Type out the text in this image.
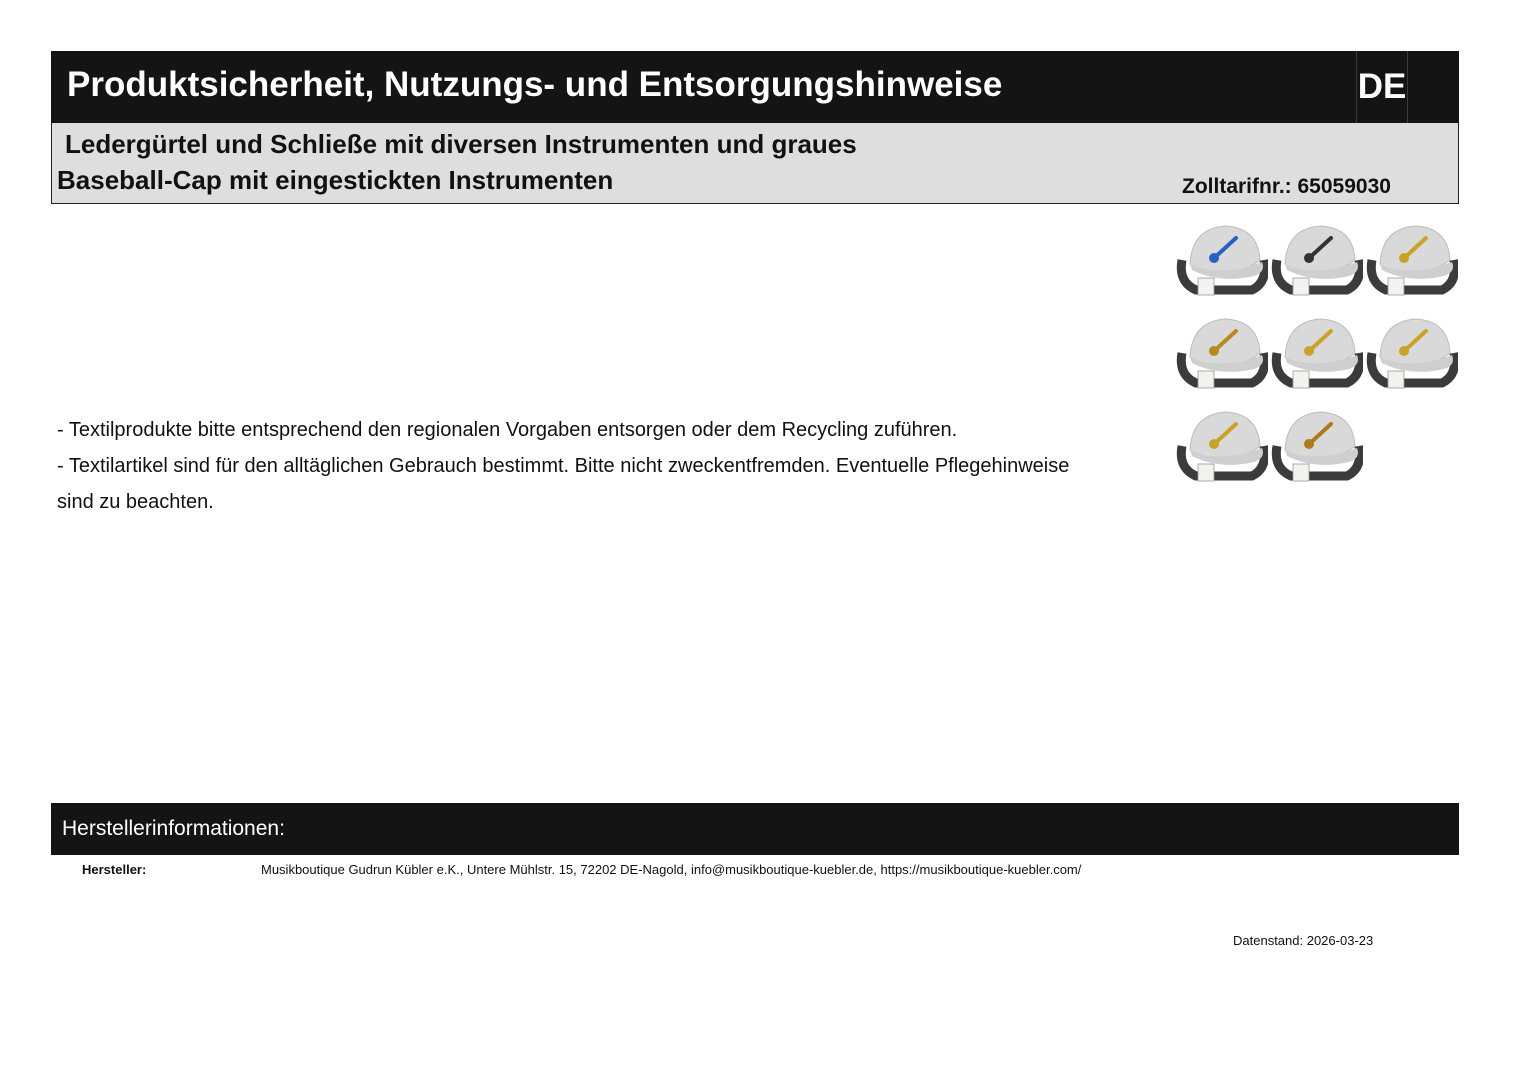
Produktsicherheit, Nutzungs- und Entsorgungshinweise	DE
Ledergürtel und Schließe mit diversen Instrumenten und graues
Baseball-Cap mit eingestickten Instrumenten	Zolltarifnr.: 65059030

- Textilprodukte bitte entsprechend den regionalen Vorgaben entsorgen oder dem Recycling zuführen.

- Textilartikel sind für den alltäglichen Gebrauch bestimmt. Bitte nicht zweckentfremden. Eventuelle Pflegehinweise sind zu beachten.

Herstellerinformationen:
Hersteller:	Musikboutique Gudrun Kübler e.K., Untere Mühlstr. 15, 72202 DE-Nagold, info@musikboutique-kuebler.de, https://musikboutique-kuebler.com/
Datenstand: 2026-03-23
